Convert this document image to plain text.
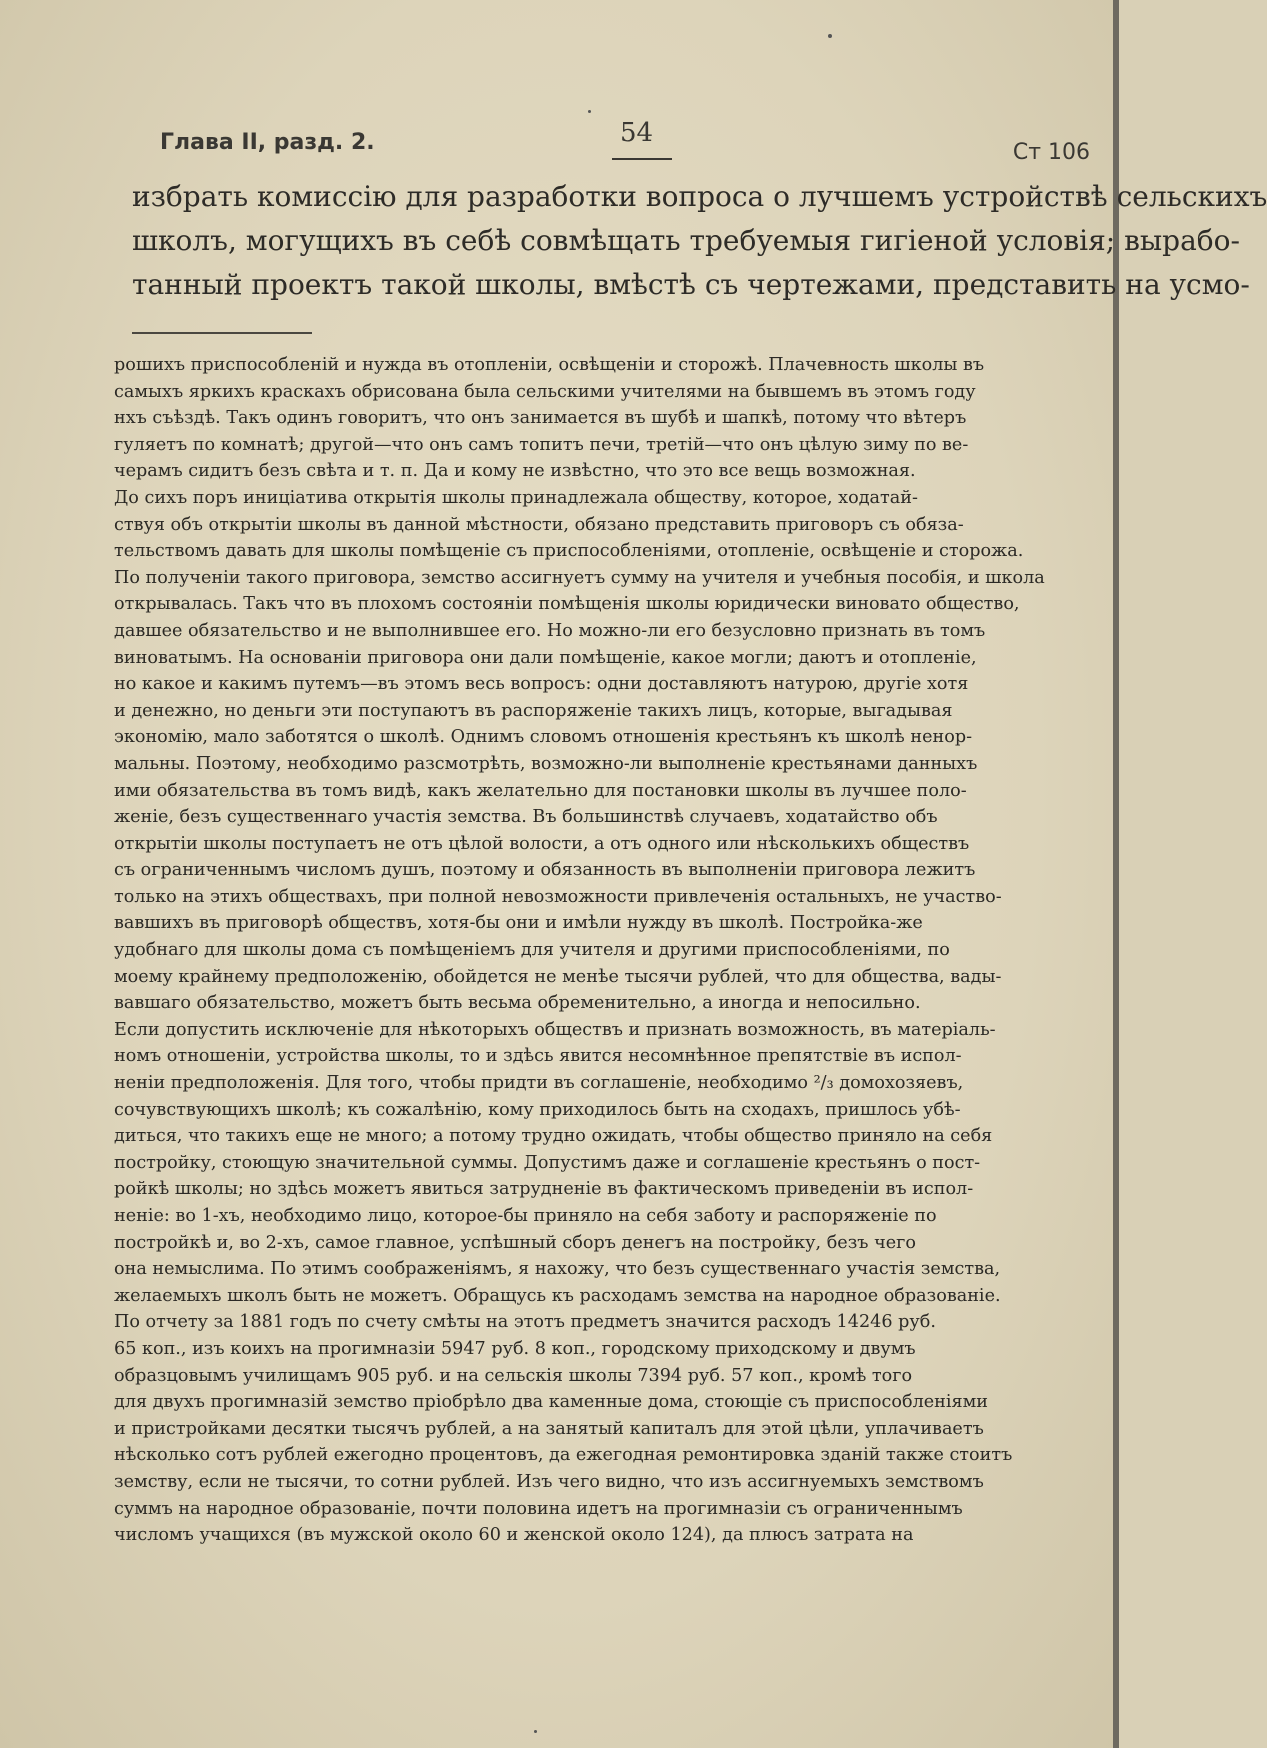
Глава II, разд. 2.	54
Ст 106
избрать комиссію для разработки вопроса о лучшемъ устройствѣ сельскихъ
школъ, могущихъ въ себѣ совмѣщать требуемыя гигіеной условія; вырабо-
танный проектъ такой школы, вмѣстѣ съ чертежами, представить на усмо-
рошихъ приспособленій и нужда въ отопленіи, освѣщеніи и сторожѣ. Плачевность школы въ
самыхъ яркихъ краскахъ обрисована была сельскими учителями на бывшемъ въ этомъ году
нхъ съѣздѣ. Такъ одинъ говоритъ, что онъ занимается въ шубѣ и шапкѣ, потому что вѣтеръ
гуляетъ по комнатѣ; другой—что онъ самъ топитъ печи, третій—что онъ цѣлую зиму по ве-
черамъ сидитъ безъ свѣта и т. п. Да и кому не извѣстно, что это все вещь возможная.
До сихъ поръ иниціатива открытія школы принадлежала обществу, которое, ходатай-
ствуя объ открытіи школы въ данной мѣстности, обязано представить приговоръ съ обяза-
тельствомъ давать для школы помѣщеніе съ приспособленіями, отопленіе, освѣщеніе и сторожа.
По полученіи такого приговора, земство ассигнуетъ сумму на учителя и учебныя пособія, и школа
открывалась. Такъ что въ плохомъ состояніи помѣщенія школы юридически виновато общество,
давшее обязательство и не выполнившее его. Но можно-ли его безусловно признать въ томъ
виноватымъ. На основаніи приговора они дали помѣщеніе, какое могли; даютъ и отопленіе,
но какое и какимъ путемъ—въ этомъ весь вопросъ: одни доставляютъ натурою, другіе хотя
и денежно, но деньги эти поступаютъ въ распоряженіе такихъ лицъ, которые, выгадывая
экономію, мало заботятся о школѣ. Однимъ словомъ отношенія крестьянъ къ школѣ ненор-
мальны. Поэтому, необходимо разсмотрѣть, возможно-ли выполненіе крестьянами данныхъ
ими обязательства въ томъ видѣ, какъ желательно для постановки школы въ лучшее поло-
женіе, безъ существеннаго участія земства. Въ большинствѣ случаевъ, ходатайство объ
открытіи школы поступаетъ не отъ цѣлой волости, а отъ одного или нѣсколькихъ обществъ
съ ограниченнымъ числомъ душъ, поэтому и обязанность въ выполненіи приговора лежитъ
только на этихъ обществахъ, при полной невозможности привлеченія остальныхъ, не участво-
вавшихъ въ приговорѣ обществъ, хотя-бы они и имѣли нужду въ школѣ. Постройка-же
удобнаго для школы дома съ помѣщеніемъ для учителя и другими приспособленіями, по
моему крайнему предположенію, обойдется не менѣе тысячи рублей, что для общества, вады-
вавшаго обязательство, можетъ быть весьма обременительно, а иногда и непосильно.
Если допустить исключеніе для нѣкоторыхъ обществъ и признать возможность, въ матеріаль-
номъ отношеніи, устройства школы, то и здѣсь явится несомнѣнное препятствіе въ испол-
неніи предположенія. Для того, чтобы придти въ соглашеніе, необходимо ²/₃ домохозяевъ,
сочувствующихъ школѣ; къ сожалѣнію, кому приходилось быть на сходахъ, пришлось убѣ-
диться, что такихъ еще не много; а потому трудно ожидать, чтобы общество приняло на себя
постройку, стоющую значительной суммы. Допустимъ даже и соглашеніе крестьянъ о пост-
ройкѣ школы; но здѣсь можетъ явиться затрудненіе въ фактическомъ приведеніи въ испол-
неніе: во 1-хъ, необходимо лицо, которое-бы приняло на себя заботу и распоряженіе по
постройкѣ и, во 2-хъ, самое главное, успѣшный сборъ денегъ на постройку, безъ чего
она немыслима. По этимъ соображеніямъ, я нахожу, что безъ существеннаго участія земства,
желаемыхъ школъ быть не можетъ. Обращусь къ расходамъ земства на народное образованіе.
По отчету за 1881 годъ по счету смѣты на этотъ предметъ значится расходъ 14246 руб.
65 коп., изъ коихъ на прогимназіи 5947 руб. 8 коп., городскому приходскому и двумъ
образцовымъ училищамъ 905 руб. и на сельскія школы 7394 руб. 57 коп., кромѣ того
для двухъ прогимназій земство пріобрѣло два каменные дома, стоющіе съ приспособленіями
и пристройками десятки тысячъ рублей, а на занятый капиталъ для этой цѣли, уплачиваетъ
нѣсколько сотъ рублей ежегодно процентовъ, да ежегодная ремонтировка зданій также стоитъ
земству, если не тысячи, то сотни рублей. Изъ чего видно, что изъ ассигнуемыхъ земствомъ
суммъ на народное образованіе, почти половина идетъ на прогимназіи съ ограниченнымъ
числомъ учащихся (въ мужской около 60 и женской около 124), да плюсъ затрата на
